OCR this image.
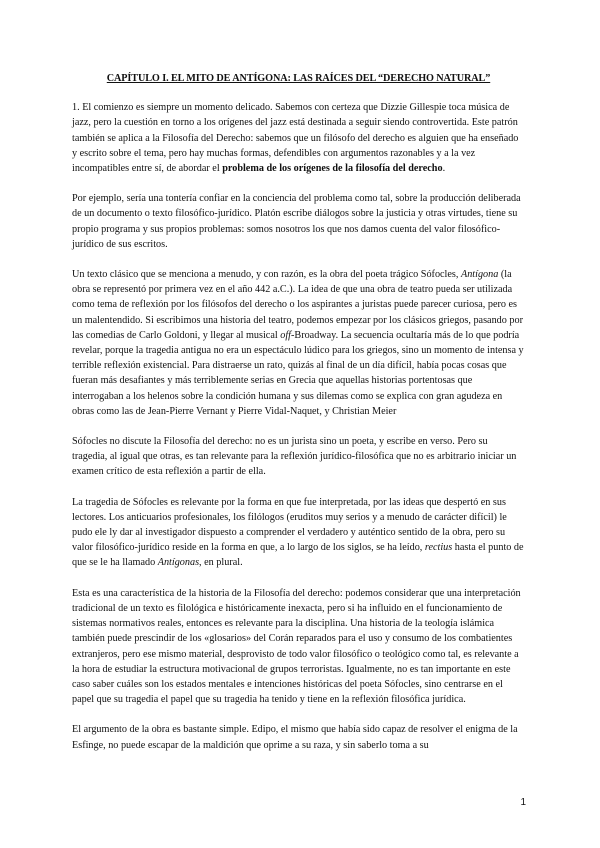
CAPÍTULO I. EL MITO DE ANTÍGONA: LAS RAÍCES DEL “DERECHO NATURAL”

1. El comienzo es siempre un momento delicado. Sabemos con certeza que Dizzie Gillespie toca música de jazz, pero la cuestión en torno a los orígenes del jazz está destinada a seguir siendo controvertida. Este patrón también se aplica a la Filosofía del Derecho: sabemos que un filósofo del derecho es alguien que ha enseñado y escrito sobre el tema, pero hay muchas formas, defendibles con argumentos razonables y a la vez incompatibles entre sí, de abordar el problema de los orígenes de la filosofía del derecho.

Por ejemplo, sería una tontería confiar en la conciencia del problema como tal, sobre la producción deliberada de un documento o texto filosófico-jurídico. Platón escribe diálogos sobre la justicia y otras virtudes, tiene su propio programa y sus propios problemas: somos nosotros los que nos damos cuenta del valor filosófico-jurídico de sus escritos.

Un texto clásico que se menciona a menudo, y con razón, es la obra del poeta trágico Sófocles, Antígona (la obra se representó por primera vez en el año 442 a.C.). La idea de que una obra de teatro pueda ser utilizada como tema de reflexión por los filósofos del derecho o los aspirantes a juristas puede parecer curiosa, pero es un malentendido. Si escribimos una historia del teatro, podemos empezar por los clásicos griegos, pasando por las comedias de Carlo Goldoni, y llegar al musical off-Broadway. La secuencia ocultaría más de lo que podría revelar, porque la tragedia antigua no era un espectáculo lúdico para los griegos, sino un momento de intensa y terrible reflexión existencial. Para distraerse un rato, quizás al final de un día difícil, había pocas cosas que fueran más desafiantes y más terriblemente serias en Grecia que aquellas historias portentosas que interrogaban a los helenos sobre la condición humana y sus dilemas como se explica con gran agudeza en obras como las de Jean-Pierre Vernant y Pierre Vidal-Naquet, y Christian Meier

Sófocles no discute la Filosofía del derecho: no es un jurista sino un poeta, y escribe en verso. Pero su tragedia, al igual que otras, es tan relevante para la reflexión jurídico-filosófica que no es arbitrario iniciar un examen crítico de esta reflexión a partir de ella.

La tragedia de Sófocles es relevante por la forma en que fue interpretada, por las ideas que despertó en sus lectores. Los anticuarios profesionales, los filólogos (eruditos muy serios y a menudo de carácter difícil) le pudo ele ly dar al investigador dispuesto a comprender el verdadero y auténtico sentido de la obra, pero su valor filosófico-jurídico reside en la forma en que, a lo largo de los siglos, se ha leído, rectius hasta el punto de que se le ha llamado Antígonas, en plural.

Esta es una característica de la historia de la Filosofía del derecho: podemos considerar que una interpretación tradicional de un texto es filológica e históricamente inexacta, pero si ha influido en el funcionamiento de sistemas normativos reales, entonces es relevante para la disciplina. Una historia de la teología islámica también puede prescindir de los «glosarios» del Corán reparados para el uso y consumo de los combatientes extranjeros, pero ese mismo material, desprovisto de todo valor filosófico o teológico como tal, es relevante a la hora de estudiar la estructura motivacional de grupos terroristas. Igualmente, no es tan importante en este caso saber cuáles son los estados mentales e intenciones históricas del poeta Sófocles, sino centrarse en el papel que su tragedia el papel que su tragedia ha tenido y tiene en la reflexión filosófica jurídica.

El argumento de la obra es bastante simple. Edipo, el mismo que había sido capaz de resolver el enigma de la Esfinge, no puede escapar de la maldición que oprime a su raza, y sin saberlo toma a su

1
